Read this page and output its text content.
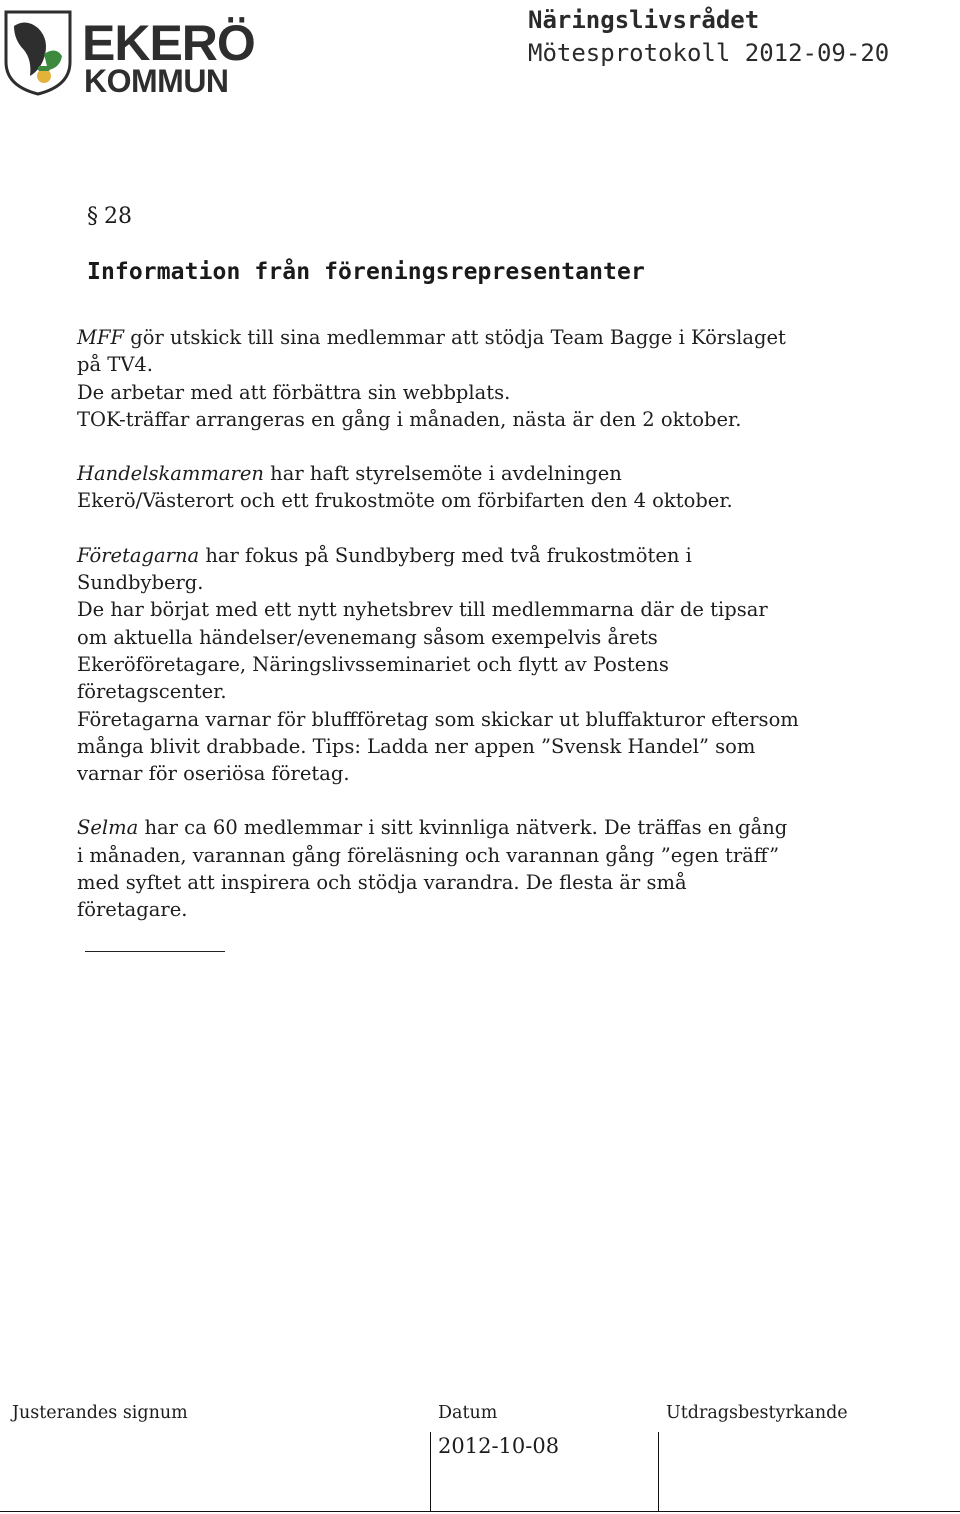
EKERÖ
KOMMUN
Näringslivsrådet
Mötesprotokoll 2012-09-20
§ 28
Information från föreningsrepresentanter

MFF gör utskick till sina medlemmar att stödja Team Bagge i Körslaget
på TV4.
De arbetar med att förbättra sin webbplats.
TOK-träffar arrangeras en gång i månaden, nästa är den 2 oktober.

Handelskammaren har haft styrelsemöte i avdelningen
Ekerö/Västerort och ett frukostmöte om förbifarten den 4 oktober.

Företagarna har fokus på Sundbyberg med två frukostmöten i
Sundbyberg.
De har börjat med ett nytt nyhetsbrev till medlemmarna där de tipsar
om aktuella händelser/evenemang såsom exempelvis årets
Ekeröföretagare, Näringslivsseminariet och flytt av Postens
företagscenter.
Företagarna varnar för bluffföretag som skickar ut bluffakturor eftersom
många blivit drabbade. Tips: Ladda ner appen ”Svensk Handel” som
varnar för oseriösa företag.

Selma har ca 60 medlemmar i sitt kvinnliga nätverk. De träffas en gång
i månaden, varannan gång föreläsning och varannan gång ”egen träff”
med syftet att inspirera och stödja varandra. De flesta är små
företagare.

Justerandes signum	Datum	Utdragsbestyrkande
2012-10-08
